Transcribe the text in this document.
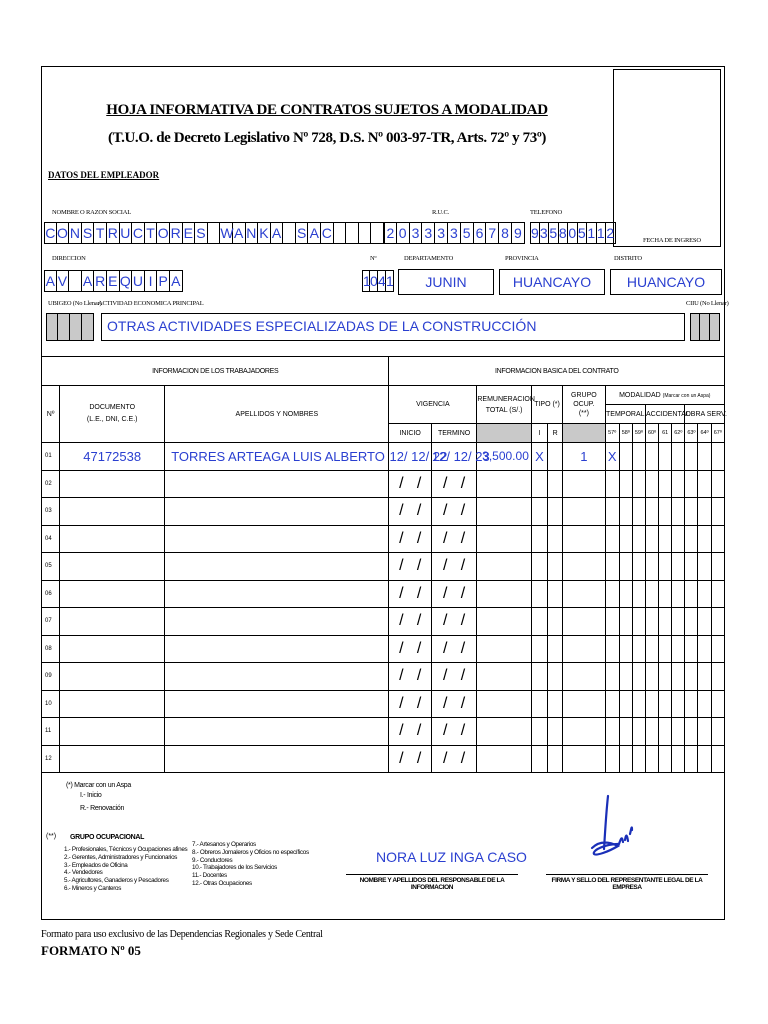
HOJA INFORMATIVA DE CONTRATOS SUJETOS A MODALIDAD
(T.U.O. de Decreto Legislativo Nº 728, D.S. Nº 003-97-TR, Arts. 72º y 73º)
DATOS DEL EMPLEADOR
NOMBRE O RAZON SOCIAL	R.U.C.	TELEFONO
FECHA DE INGRESO
C O N S T R U C T O R E S W A N K A S A C	2 0 3 3 3 3 5 6 7 8 9 9 3 5 8 0 5 1 1 2
DIRECCION	Nº	DEPARTAMENTO	PROVINCIA	DISTRITO
A V A R E Q U I P A	1 0 4 1	JUNIN	HUANCAYO	HUANCAYO
UBIGEO (No Llenar)
ACTIVIDAD ECONOMICA PRINCIPAL	CIIU (No Llenar)
OTRAS ACTIVIDADES ESPECIALIZADAS DE LA CONSTRUCCIÓN
INFORMACION DE LOS TRABAJADORES			INFORMACION BASICA DEL CONTRATO														
Nº	DOCUMENTO
(L.E., DNI, C.E.)	APELLIDOS Y NOMBRES	VIGENCIA		REMUNERACION
TOTAL (S/.)	TIPO (*)		GRUPO
OCUP.
(**)	MODALIDAD (Marcar con un Aspa)								
									TEMPORAL			ACCIDENTAL			OBRA SERV.		
			INICIO	TERMINO		I	R		57º	58º	59º	60º	61	62º	63º	64º	67º
01	47172538	TORRES ARTEAGA LUIS ALBERTO	12/ 12/ 22	12/ 12/ 23	3,500.00	X		1	X								
02			/   /	/   /													
03			/   /	/   /													
04			/   /	/   /													
05			/   /	/   /													
06			/   /	/   /													
07			/   /	/   /													
08			/   /	/   /													
09			/   /	/   /													
10			/   /	/   /													
11			/   /	/   /													
12			/   /	/   /													
(*) Marcar con un Aspa
I.- Inicio
R.- Renovación
(**) GRUPO OCUPACIONAL
1.- Profesionales, Técnicos y Ocupaciones afines
2.- Gerentes, Administradores y Funcionarios
3.- Empleados de Oficina
4.- Vendedores
5.- Agricultores, Ganaderos y Pescadores
6.- Mineros y Canteros
7.- Artesanos y Operarios
8.- Obreros Jornaleros y Oficios no específicos
9.- Conductores
10.- Trabajadores de los Servicios
11.- Docentes
12.- Otras Ocupaciones
NORA LUZ INGA CASO
NOMBRE Y APELLIDOS DEL RESPONSABLE DE LA INFORMACION
FIRMA Y SELLO DEL REPRESENTANTE LEGAL DE LA EMPRESA
Formato para uso exclusivo de las Dependencias Regionales y Sede Central
FORMATO Nº 05
